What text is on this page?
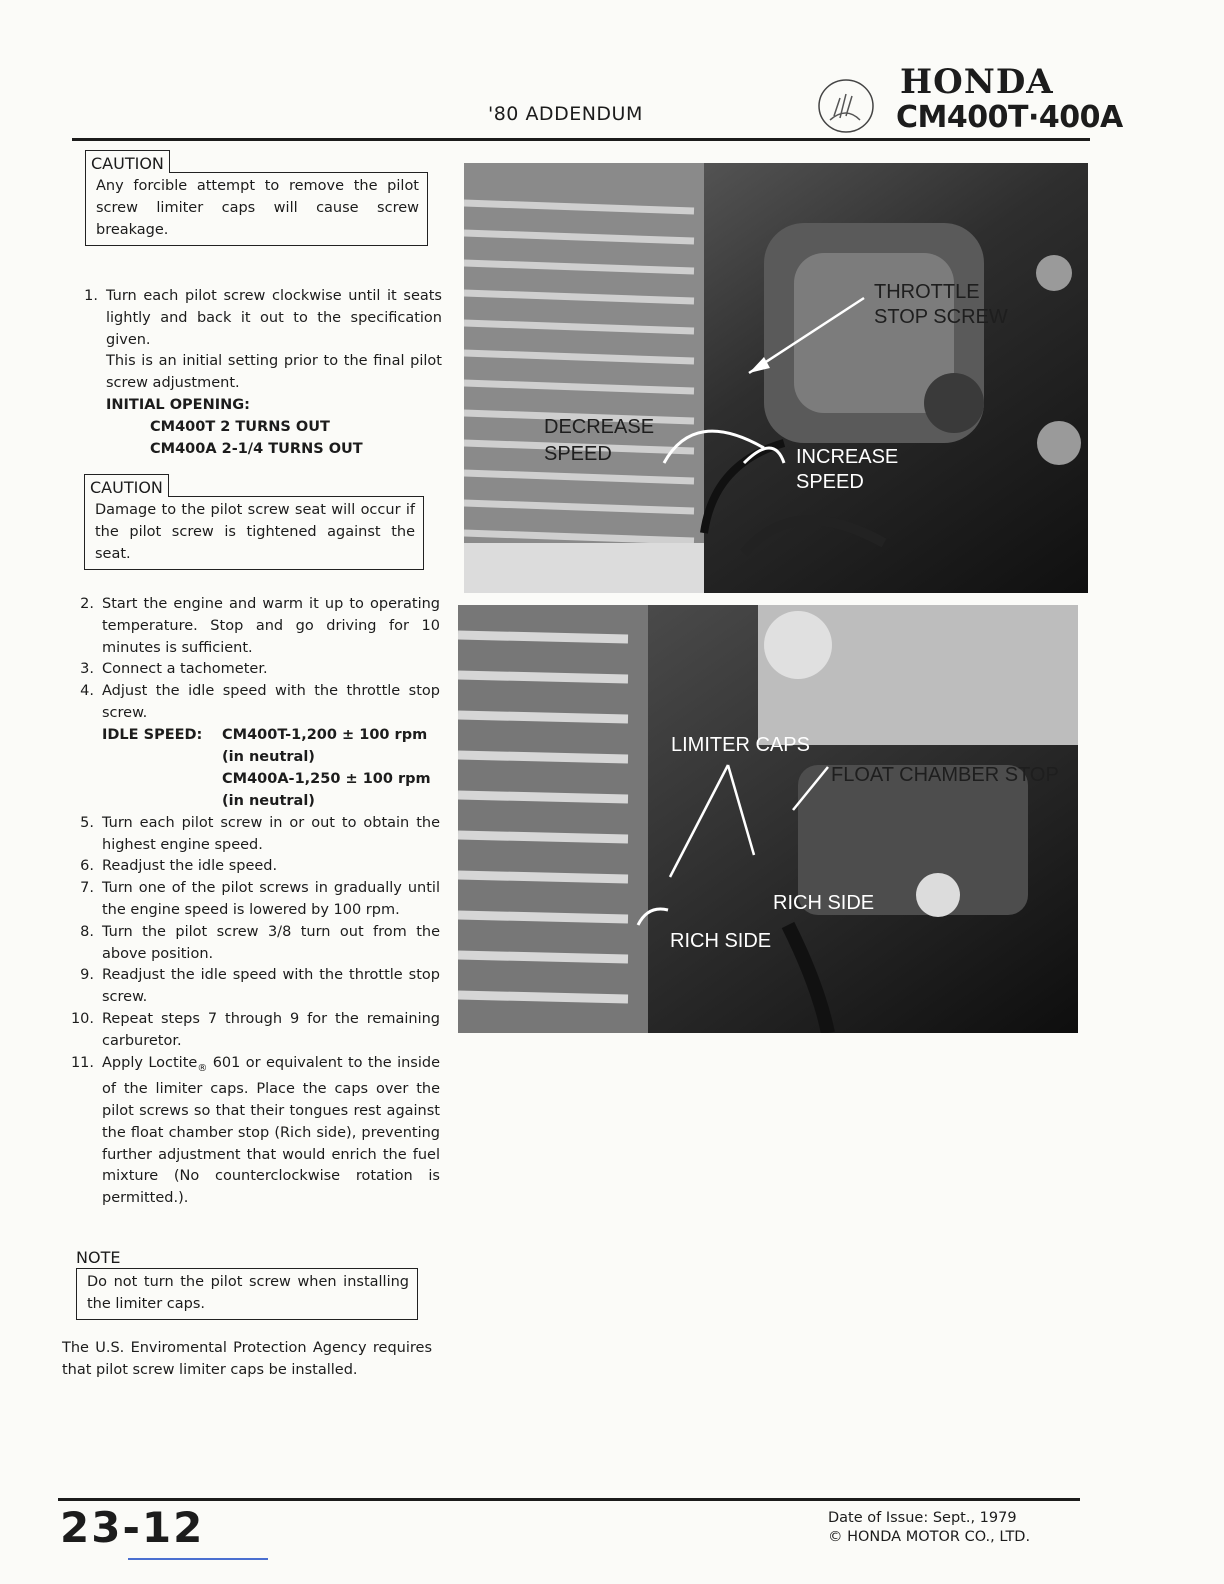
'80 ADDENDUM
HONDA
CM400T·400A
CAUTION
Any forcible attempt to remove the pilot screw limiter caps will cause screw breakage.
1. Turn each pilot screw clockwise until it seats lightly and back it out to the specification given.
This is an initial setting prior to the final pilot screw adjustment.
INITIAL OPENING:
CM400T 2 TURNS OUT
CM400A 2-1/4 TURNS OUT
CAUTION
Damage to the pilot screw seat will occur if the pilot screw is tightened against the seat.
2. Start the engine and warm it up to operating temperature. Stop and go driving for 10 minutes is sufficient.
3. Connect a tachometer.
4. Adjust the idle speed with the throttle stop screw.
IDLE SPEED: CM400T-1,200 ± 100 rpm
(in neutral)
CM400A-1,250 ± 100 rpm
(in neutral)
5. Turn each pilot screw in or out to obtain the highest engine speed.
6. Readjust the idle speed.
7. Turn one of the pilot screws in gradually until the engine speed is lowered by 100 rpm.
8. Turn the pilot screw 3/8 turn out from the above position.
9. Readjust the idle speed with the throttle stop screw.
10. Repeat steps 7 through 9 for the remaining carburetor.
11. Apply Loctite$_®$ 601 or equivalent to the inside of the limiter caps. Place the caps over the pilot screws so that their tongues rest against the float chamber stop (Rich side), preventing further adjustment that would enrich the fuel mixture (No counterclockwise rotation is permitted.).
NOTE
Do not turn the pilot screw when installing the limiter caps.
The U.S. Enviromental Protection Agency requires that pilot screw limiter caps be installed.
THROTTLE
STOP SCREW
DECREASE
SPEED	INCREASE
SPEED
LIMITER CAPS
FLOAT CHAMBER STOP
RICH SIDE
RICH SIDE
23-12	Date of Issue: Sept., 1979
© HONDA MOTOR CO., LTD.
